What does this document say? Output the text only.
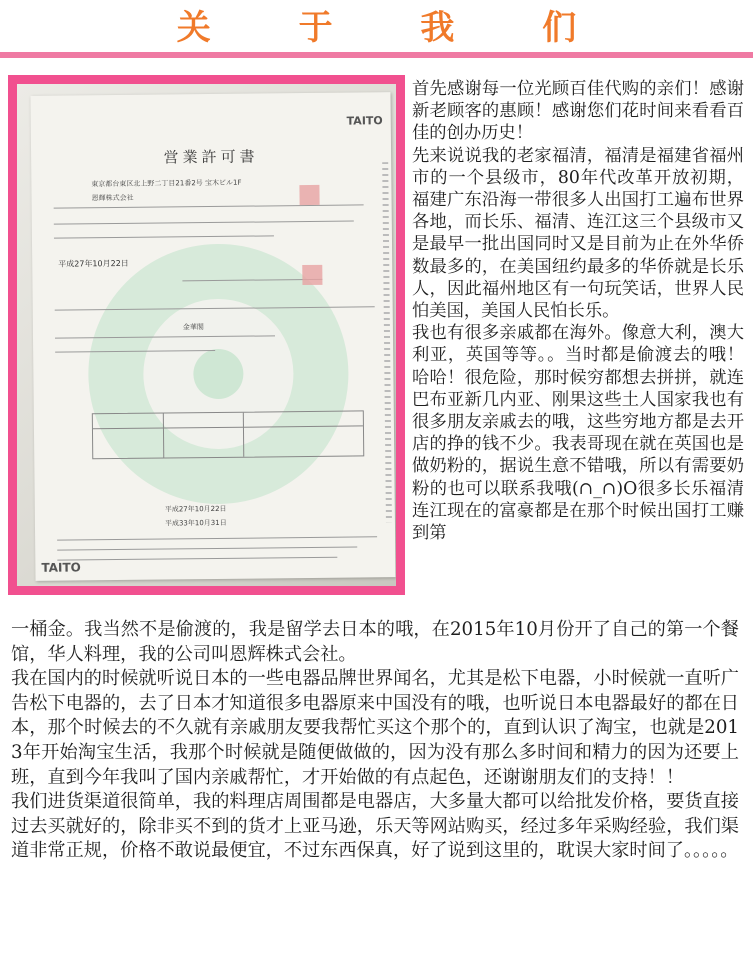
关 于 我 们
TAITO
営業許可書
東京都台東区北上野二丁目21番2号 宝木ビル1F
恩輝株式会社
平成27年10月22日
金華閣
平成27年10月22日
平成33年10月31日
TAITO

首先感谢每一位光顾百佳代购的亲们！感谢新老顾客的惠顾！感谢您们花时间来看看百佳的创办历史！

先来说说我的老家福清，福清是福建省福州市的一个县级市，80年代改革开放初期，福建广东沿海一带很多人出国打工遍布世界各地，而长乐、福清、连江这三个县级市又是最早一批出国同时又是目前为止在外华侨数最多的，在美国纽约最多的华侨就是长乐人，因此福州地区有一句玩笑话，世界人民怕美国，美国人民怕长乐。

我也有很多亲戚都在海外。像意大利，澳大利亚，英国等等。。当时都是偷渡去的哦！哈哈！很危险，那时候穷都想去拼拼，就连巴布亚新几内亚、刚果这些土人国家我也有很多朋友亲戚去的哦，这些穷地方都是去开店的挣的钱不少。我表哥现在就在英国也是做奶粉的，据说生意不错哦，所以有需要奶粉的也可以联系我哦(∩_∩)O很多长乐福清连江现在的富豪都是在那个时候出国打工赚到第

一桶金。我当然不是偷渡的，我是留学去日本的哦，在2015年10月份开了自己的第一个餐馆，华人料理，我的公司叫恩辉株式会社。

我在国内的时候就听说日本的一些电器品牌世界闻名，尤其是松下电器，小时候就一直听广告松下电器的，去了日本才知道很多电器原来中国没有的哦，也听说日本电器最好的都在日本，那个时候去的不久就有亲戚朋友要我帮忙买这个那个的，直到认识了淘宝，也就是2013年开始淘宝生活，我那个时候就是随便做做的，因为没有那么多时间和精力的因为还要上班，直到今年我叫了国内亲戚帮忙，才开始做的有点起色，还谢谢朋友们的支持！！

我们进货渠道很简单，我的料理店周围都是电器店，大多量大都可以给批发价格，要货直接过去买就好的，除非买不到的货才上亚马逊，乐天等网站购买，经过多年采购经验，我们渠道非常正规，价格不敢说最便宜，不过东西保真，好了说到这里的，耽误大家时间了。。。。。
